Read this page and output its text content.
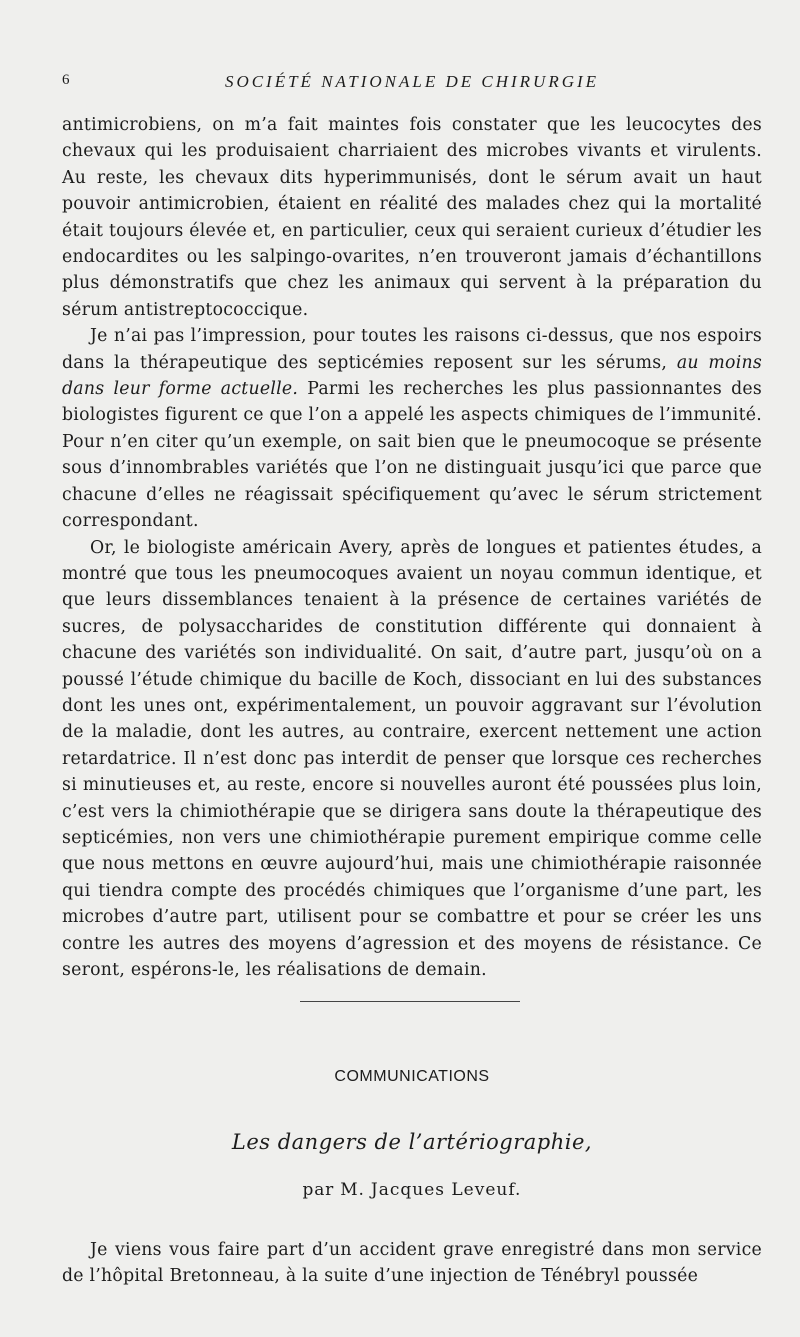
6	SOCIÉTÉ NATIONALE DE CHIRURGIE

antimicrobiens, on m’a fait maintes fois constater que les leucocytes des chevaux qui les produisaient charriaient des microbes vivants et virulents. Au reste, les chevaux dits hyperimmunisés, dont le sérum avait un haut pouvoir antimicrobien, étaient en réalité des malades chez qui la mortalité était toujours élevée et, en particulier, ceux qui seraient curieux d’étudier les endocardites ou les salpingo-ovarites, n’en trouveront jamais d’échantillons plus démonstratifs que chez les animaux qui servent à la préparation du sérum antistreptococcique.

Je n’ai pas l’impression, pour toutes les raisons ci-dessus, que nos espoirs dans la thérapeutique des septicémies reposent sur les sérums, au moins dans leur forme actuelle. Parmi les recherches les plus passionnantes des biologistes figurent ce que l’on a appelé les aspects chimiques de l’immunité. Pour n’en citer qu’un exemple, on sait bien que le pneumocoque se présente sous d’innombrables variétés que l’on ne distinguait jusqu’ici que parce que chacune d’elles ne réagissait spécifiquement qu’avec le sérum strictement correspondant.

Or, le biologiste américain Avery, après de longues et patientes études, a montré que tous les pneumocoques avaient un noyau commun identique, et que leurs dissemblances tenaient à la présence de certaines variétés de sucres, de polysaccharides de constitution différente qui donnaient à chacune des variétés son individualité. On sait, d’autre part, jusqu’où on a poussé l’étude chimique du bacille de Koch, dissociant en lui des substances dont les unes ont, expérimentalement, un pouvoir aggravant sur l’évolution de la maladie, dont les autres, au contraire, exercent nettement une action retardatrice. Il n’est donc pas interdit de penser que lorsque ces recherches si minutieuses et, au reste, encore si nouvelles auront été poussées plus loin, c’est vers la chimiothérapie que se dirigera sans doute la thérapeutique des septicémies, non vers une chimiothérapie purement empirique comme celle que nous mettons en œuvre aujourd’hui, mais une chimiothérapie raisonnée qui tiendra compte des procédés chimiques que l’organisme d’une part, les microbes d’autre part, utilisent pour se combattre et pour se créer les uns contre les autres des moyens d’agression et des moyens de résistance. Ce seront, espérons-le, les réalisations de demain.

COMMUNICATIONS
Les dangers de l’artériographie,
par M. Jacques Leveuf.

Je viens vous faire part d’un accident grave enregistré dans mon service de l’hôpital Bretonneau, à la suite d’une injection de Ténébryl poussée
